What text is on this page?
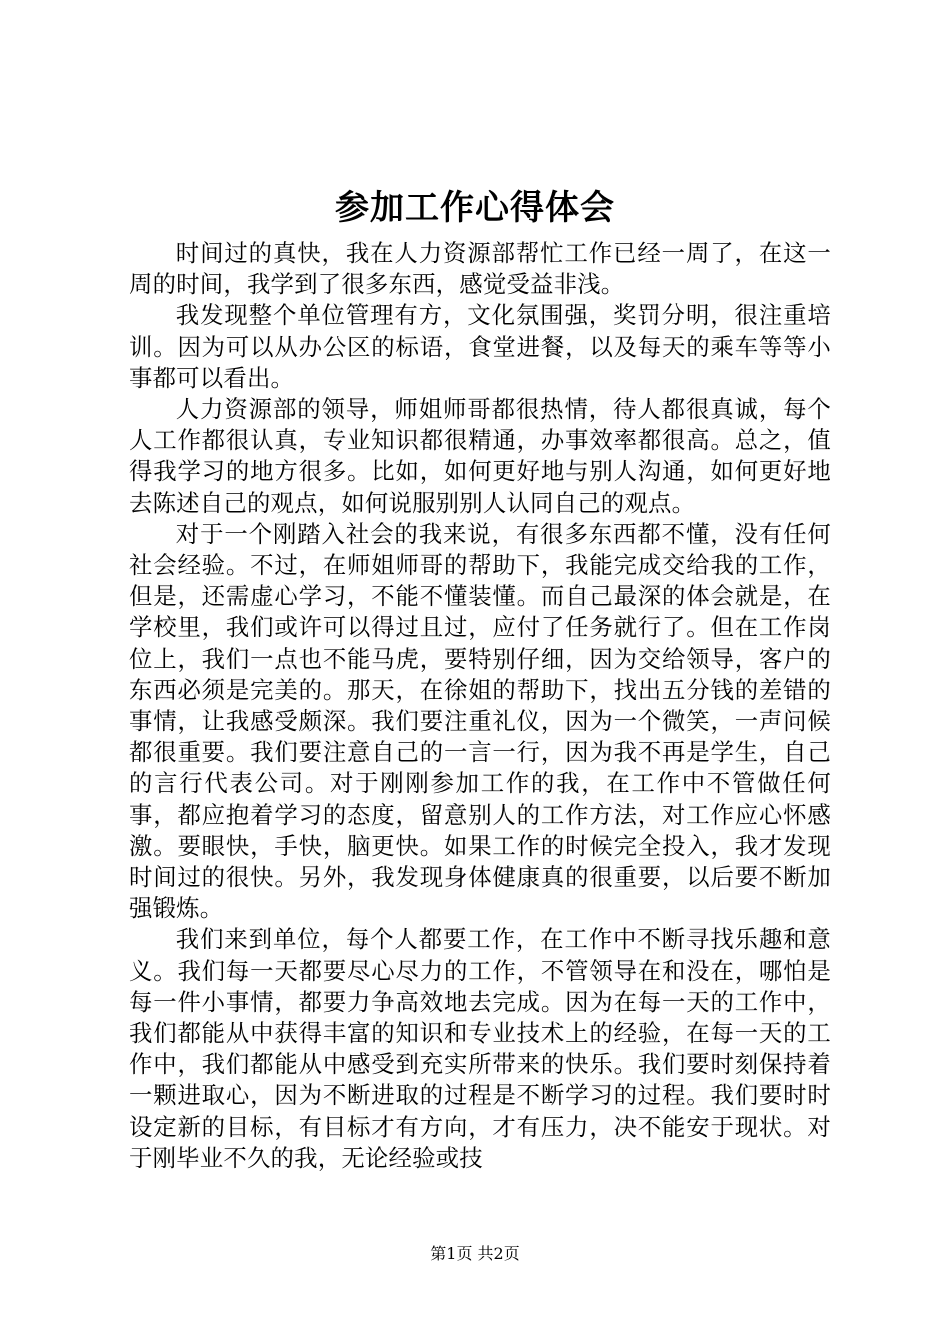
参加工作心得体会

时间过的真快，我在人力资源部帮忙工作已经一周了，在这一周的时间，我学到了很多东西，感觉受益非浅。

我发现整个单位管理有方，文化氛围强，奖罚分明，很注重培训。因为可以从办公区的标语，食堂进餐，以及每天的乘车等等小事都可以看出。

人力资源部的领导，师姐师哥都很热情，待人都很真诚，每个人工作都很认真，专业知识都很精通，办事效率都很高。总之，值得我学习的地方很多。比如，如何更好地与别人沟通，如何更好地去陈述自己的观点，如何说服别别人认同自己的观点。

对于一个刚踏入社会的我来说，有很多东西都不懂，没有任何社会经验。不过，在师姐师哥的帮助下，我能完成交给我的工作，但是，还需虚心学习，不能不懂装懂。而自己最深的体会就是，在学校里，我们或许可以得过且过，应付了任务就行了。但在工作岗位上，我们一点也不能马虎，要特别仔细，因为交给领导，客户的东西必须是完美的。那天，在徐姐的帮助下，找出五分钱的差错的事情，让我感受颇深。我们要注重礼仪，因为一个微笑，一声问候都很重要。我们要注意自己的一言一行，因为我不再是学生，自己的言行代表公司。对于刚刚参加工作的我，在工作中不管做任何事，都应抱着学习的态度，留意别人的工作方法，对工作应心怀感激。要眼快，手快，脑更快。如果工作的时候完全投入，我才发现时间过的很快。另外，我发现身体健康真的很重要，以后要不断加强锻炼。

我们来到单位，每个人都要工作，在工作中不断寻找乐趣和意义。我们每一天都要尽心尽力的工作，不管领导在和没在，哪怕是每一件小事情，都要力争高效地去完成。因为在每一天的工作中，我们都能从中获得丰富的知识和专业技术上的经验，在每一天的工作中，我们都能从中感受到充实所带来的快乐。我们要时刻保持着一颗进取心，因为不断进取的过程是不断学习的过程。我们要时时设定新的目标，有目标才有方向，才有压力，决不能安于现状。对于刚毕业不久的我，无论经验或技

第1页 共2页
